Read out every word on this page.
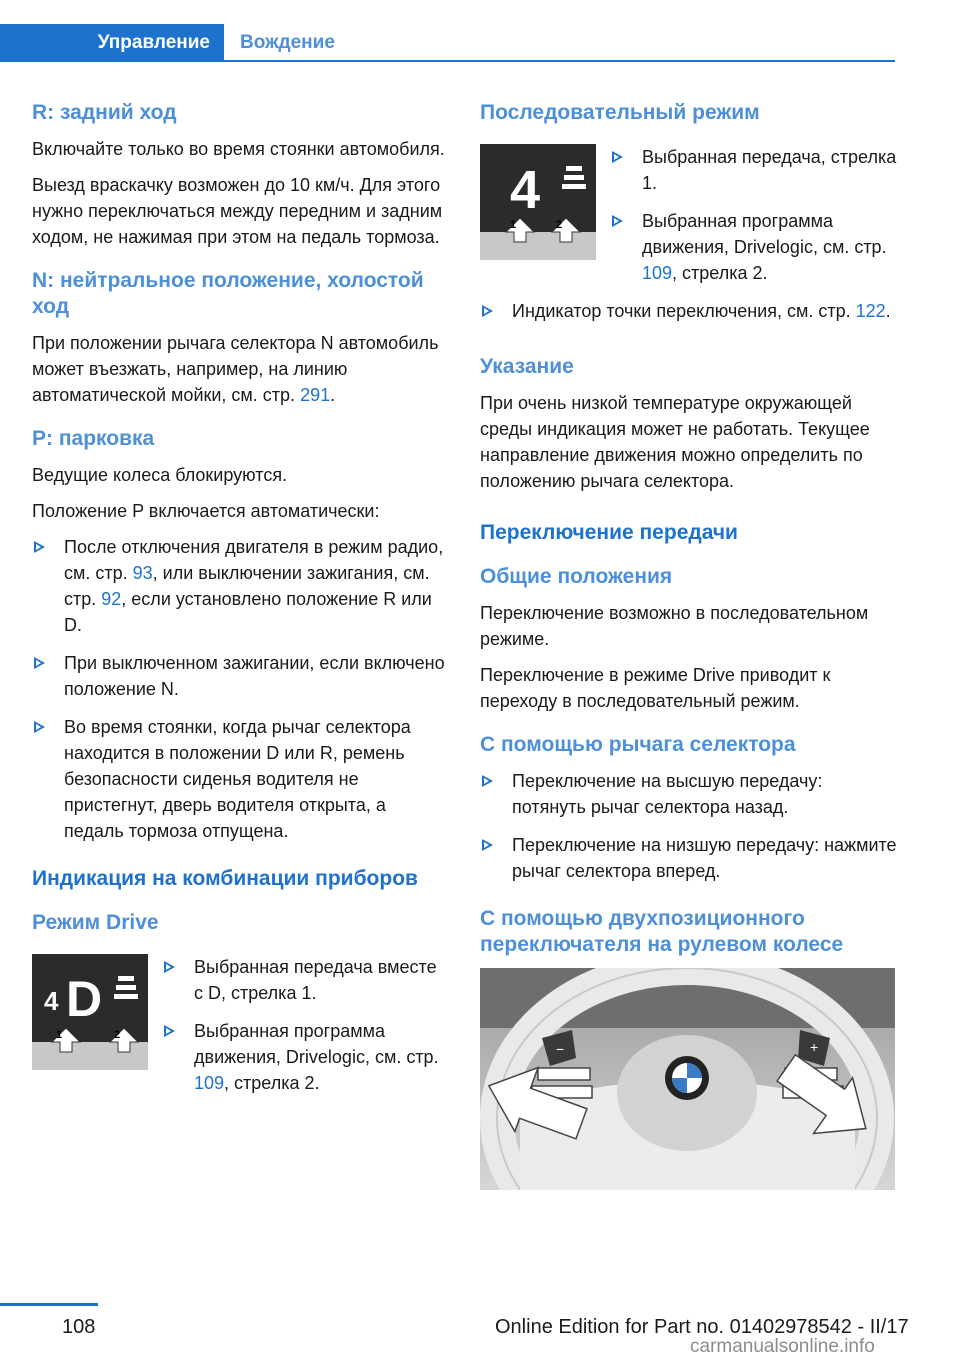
Управление	Вождение
R: задний ход

Включайте только во время стоянки автомобиля.

Выезд враскачку возможен до 10 км/ч. Для этого нужно переключаться между передним и задним ходом, не нажимая при этом на педаль тормоза.

N: нейтральное положение, холостой ход

При положении рычага селектора N автомобиль может въезжать, например, на линию автоматической мойки, см. стр. 291.

P: парковка

Ведущие колеса блокируются.

Положение P включается автоматически:

После отключения двигателя в режим радио, см. стр. 93, или выключении зажигания, см. стр. 92, если установлено положение R или D.
При выключенном зажигании, если включено положение N.
Во время стоянки, когда рычаг селектора находится в положении D или R, ремень безопасности сиденья водителя не пристегнут, дверь водителя открыта, а педаль тормоза отпущена.
Индикация на комбинации приборов
Режим Drive
4 D
1	2
Выбранная передача вместе с D, стрелка 1.
Выбранная программа движения, Drivelogic, см. стр. 109, стрелка 2.
Последовательный режим
4
1	2
Выбранная передача, стрелка 1.
Выбранная программа движения, Drivelogic, см. стр. 109, стрелка 2.
Индикатор точки переключения, см. стр. 122.
Указание

При очень низкой температуре окружающей среды индикация может не работать. Текущее направление движения можно определить по положению рычага селектора.

Переключение передачи
Общие положения

Переключение возможно в последовательном режиме.

Переключение в режиме Drive приводит к переходу в последовательный режим.

С помощью рычага селектора
Переключение на высшую передачу: потянуть рычаг селектора назад.
Переключение на низшую передачу: нажмите рычаг селектора вперед.
С помощью двухпозиционного переключателя на рулевом колесе
−	+
108	Online Edition for Part no. 01402978542 - II/17
carmanualsonline.info
